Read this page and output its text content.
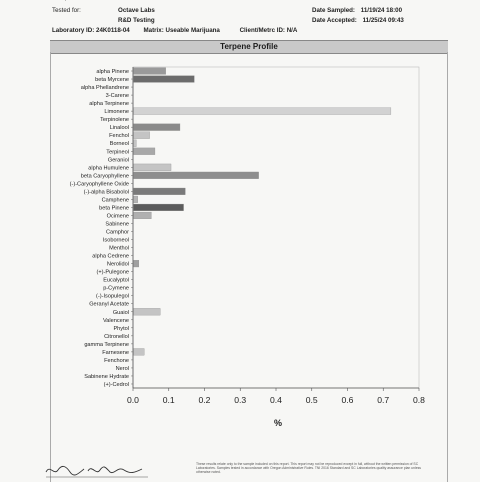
Tested for:	Octave Labs
R&D Testing
Laboratory ID: 24K0118-04 Matrix: Useable Marijuana	Client/Metrc ID: N/A
Date Sampled: 11/19/24 18:00
Date Accepted: 11/25/24 09:43
Terpene Profile
alpha Pinene
beta Myrcene
alpha Phellandrene
3-Carene
alpha Terpinene
Limonene
Terpinolene
Linalool
Fenchol
Borneol
Terpineol
Geraniol
alpha Humulene
beta Caryophyllene
(-)-Caryophyllene Oxide
(-)-alpha Bisabolol
Camphene
beta Pinene
Ocimene
Sabinene
Camphor
Isoborneol
Menthol
alpha Cedrene
Nerolidol
(+)-Pulegone
Eucalyptol
p-Cymene
(-)-Isopulegol
Geranyl Acetate
Guaiol
Valencene
Phytol
Citronellol
gamma Terpinene
Farnesene
Fenchone
Nerol
Sabinene Hydrate
(+)-Cedrol
0.0	0.1	0.2	0.3	0.4	0.5	0.6	0.7	0.8
%
These results relate only to the sample included on this report. This report may not be reproduced except in full, without the written permission of SC Laboratories. Samples tested in accordance with Oregon Administrative Rules. TNI 2016 Standard and SC Laboratories quality assurance plan unless otherwise noted.
